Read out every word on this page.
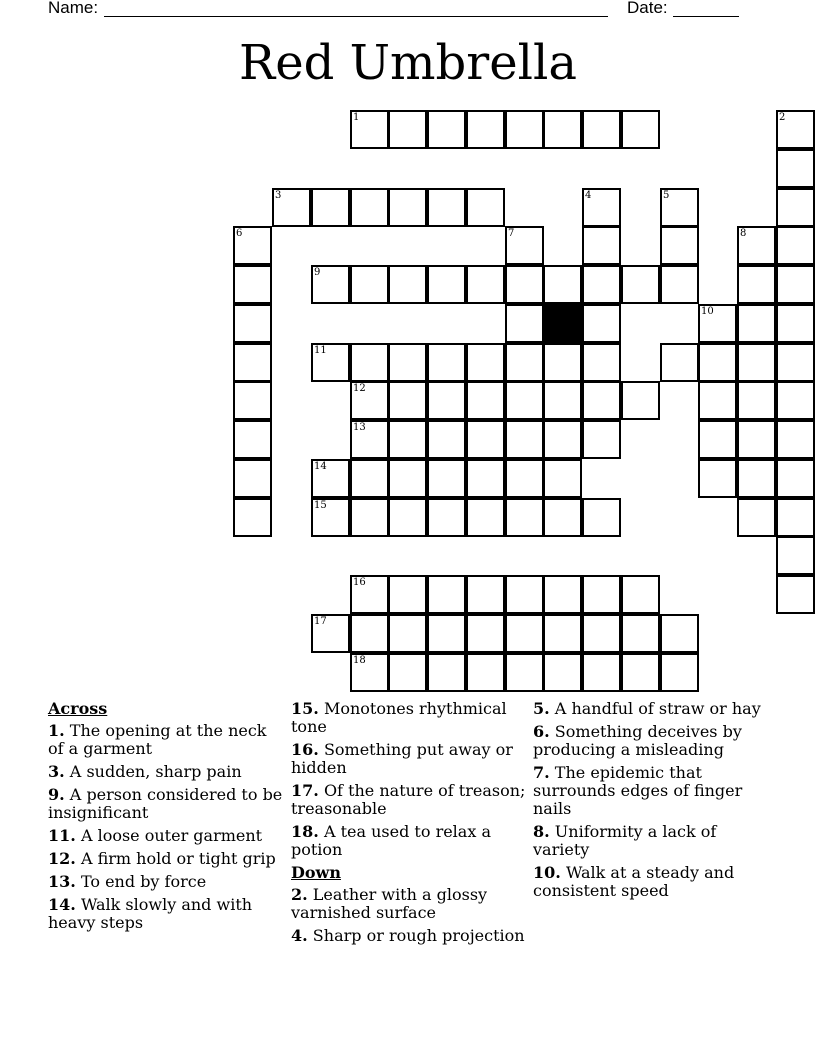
Name:	Date:
Red Umbrella
1	2
3	4	5
6	7	8
9
10
11
12
13
14
15
16
17
18
Across
1. The opening at the neck of a garment
3. A sudden, sharp pain
9. A person considered to be insignificant
11. A loose outer garment
12. A firm hold or tight grip
13. To end by force
14. Walk slowly and with heavy steps
15. Monotones rhythmical tone
16. Something put away or hidden
17. Of the nature of treason; treasonable
18. A tea used to relax a potion
Down
2. Leather with a glossy varnished surface
4. Sharp or rough projection
5. A handful of straw or hay
6. Something deceives by producing a misleading
7. The epidemic that surrounds edges of finger nails
8. Uniformity a lack of variety
10. Walk at a steady and consistent speed
